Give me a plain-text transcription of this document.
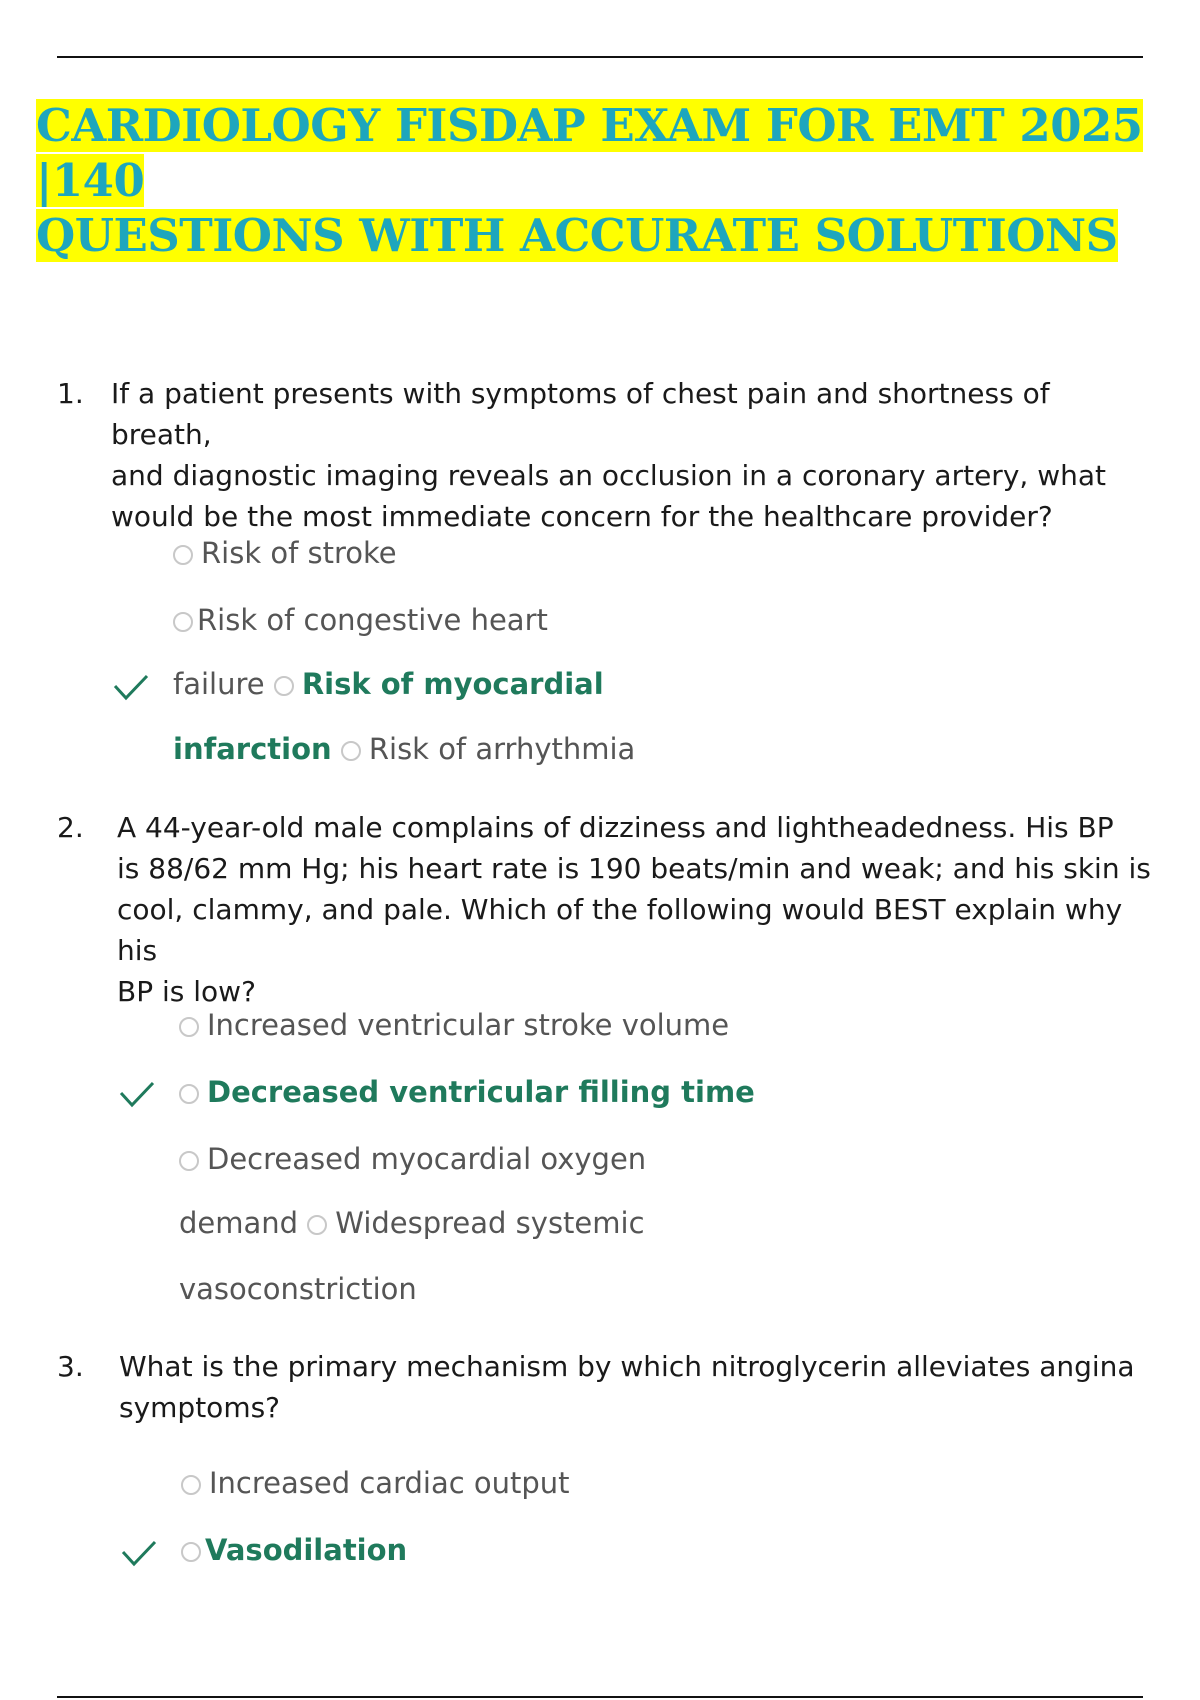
CARDIOLOGY FISDAP EXAM FOR EMT 2025 |140
QUESTIONS WITH ACCURATE SOLUTIONS
1. If a patient presents with symptoms of chest pain and shortness of breath,
and diagnostic imaging reveals an occlusion in a coronary artery, what
would be the most immediate concern for the healthcare provider?
Risk of stroke
Risk of congestive heart
failure Risk of myocardial
infarction Risk of arrhythmia
2. A 44-year-old male complains of dizziness and lightheadedness. His BP
is 88/62 mm Hg; his heart rate is 190 beats/min and weak; and his skin is
cool, clammy, and pale. Which of the following would BEST explain why his
BP is low?
Increased ventricular stroke volume
Decreased ventricular filling time
Decreased myocardial oxygen
demand Widespread systemic
vasoconstriction
3. What is the primary mechanism by which nitroglycerin alleviates angina
symptoms?
Increased cardiac output
Vasodilation
